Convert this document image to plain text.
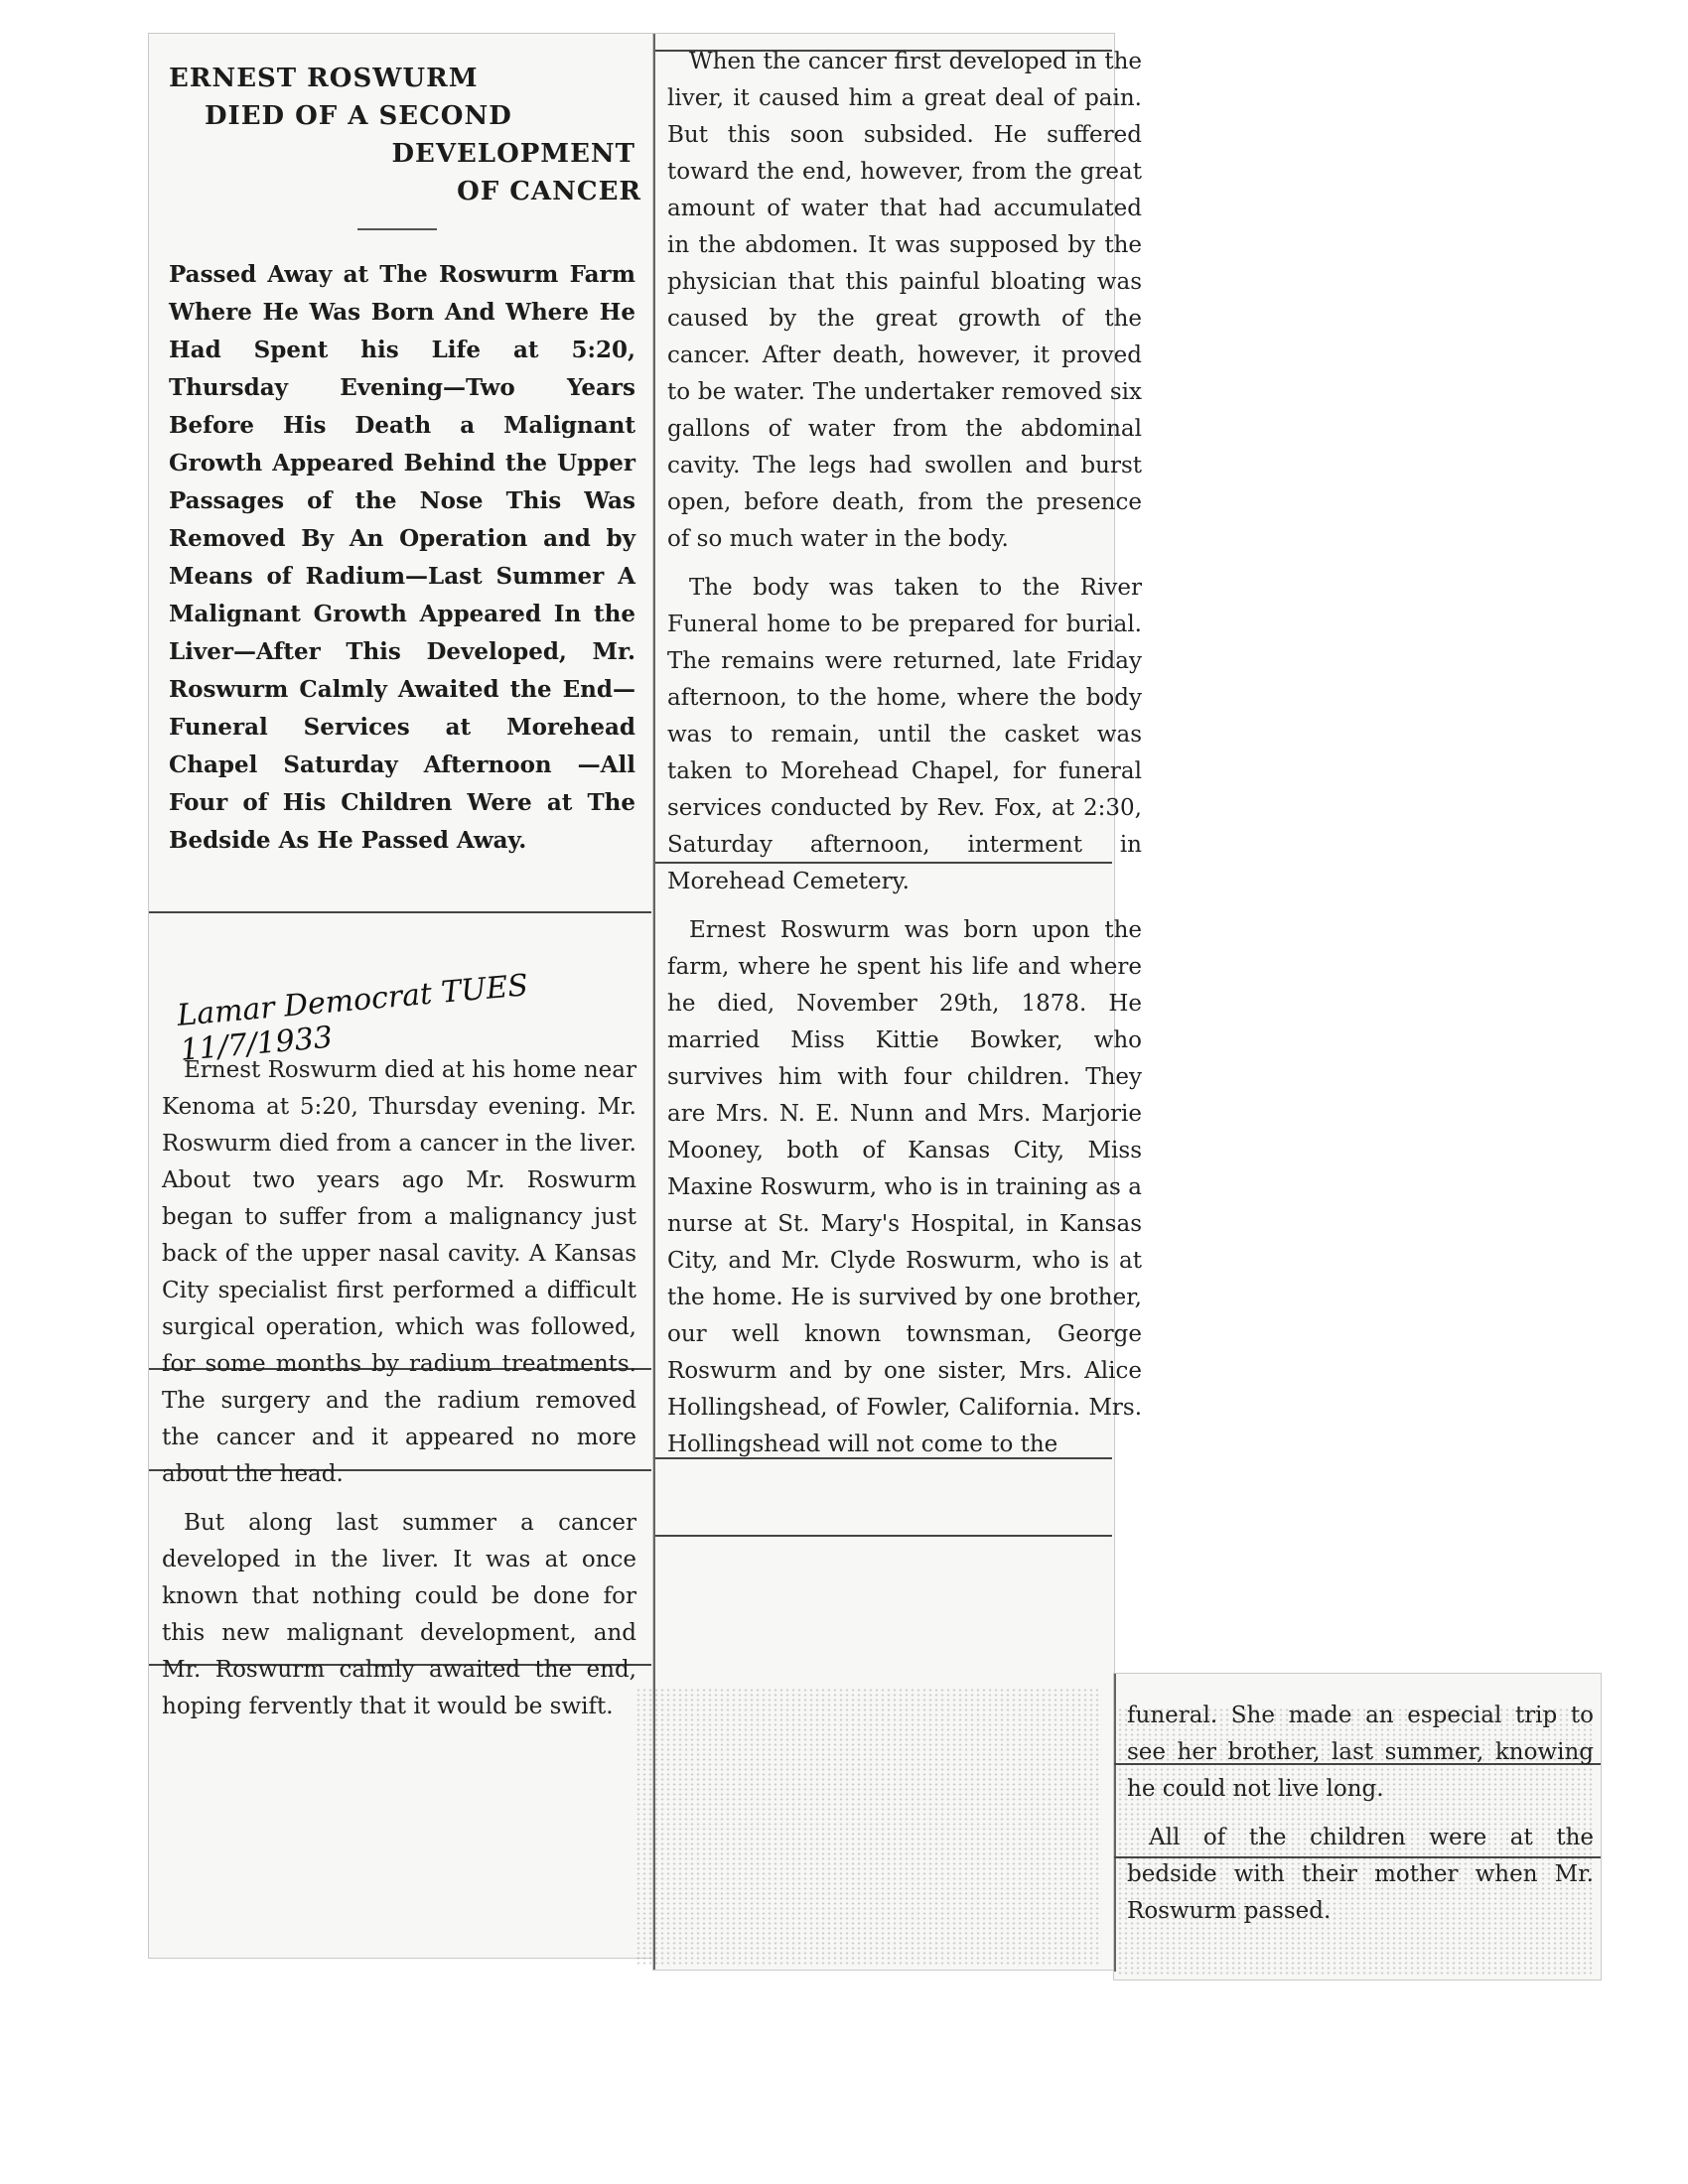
ERNEST ROSWURM
DIED OF A SECOND
DEVELOPMENT
OF CANCER

Passed Away at The Roswurm Farm Where He Was Born And Where He Had Spent his Life at 5:20, Thursday Evening—Two Years Before His Death a Malignant Growth Appeared Behind the Upper Passages of the Nose This Was Removed By An Operation and by Means of Radium—Last Summer A Malignant Growth Appeared In the Liver—After This Developed, Mr. Roswurm Calmly Awaited the End—Funeral Services at Morehead Chapel Saturday Afternoon —All Four of His Children Were at The Bedside As He Passed Away.

Lamar Democrat TUES 11/7/1933

Ernest Roswurm died at his home near Kenoma at 5:20, Thursday evening. Mr. Roswurm died from a cancer in the liver. About two years ago Mr. Roswurm began to suffer from a malignancy just back of the upper nasal cavity. A Kansas City specialist first performed a difficult surgical operation, which was followed, for some months by radium treatments. The surgery and the radium removed the cancer and it appeared no more about the head.

But along last summer a cancer developed in the liver. It was at once known that nothing could be done for this new malignant development, and Mr. Roswurm calmly awaited the end, hoping fervently that it would be swift.

When the cancer first developed in the liver, it caused him a great deal of pain. But this soon subsided. He suffered toward the end, however, from the great amount of water that had accumulated in the abdomen. It was supposed by the physician that this painful bloating was caused by the great growth of the cancer. After death, however, it proved to be water. The undertaker removed six gallons of water from the abdominal cavity. The legs had swollen and burst open, before death, from the presence of so much water in the body.

The body was taken to the River Funeral home to be prepared for burial. The remains were returned, late Friday afternoon, to the home, where the body was to remain, until the casket was taken to Morehead Chapel, for funeral services conducted by Rev. Fox, at 2:30, Saturday afternoon, interment in Morehead Cemetery.

Ernest Roswurm was born upon the farm, where he spent his life and where he died, November 29th, 1878. He married Miss Kittie Bowker, who survives him with four children. They are Mrs. N. E. Nunn and Mrs. Marjorie Mooney, both of Kansas City, Miss Maxine Roswurm, who is in training as a nurse at St. Mary's Hospital, in Kansas City, and Mr. Clyde Roswurm, who is at the home. He is survived by one brother, our well known townsman, George Roswurm and by one sister, Mrs. Alice Hollingshead, of Fowler, California. Mrs. Hollingshead will not come to the

funeral. She made an especial trip to see her brother, last summer, knowing he could not live long.

All of the children were at the bedside with their mother when Mr. Roswurm passed.
